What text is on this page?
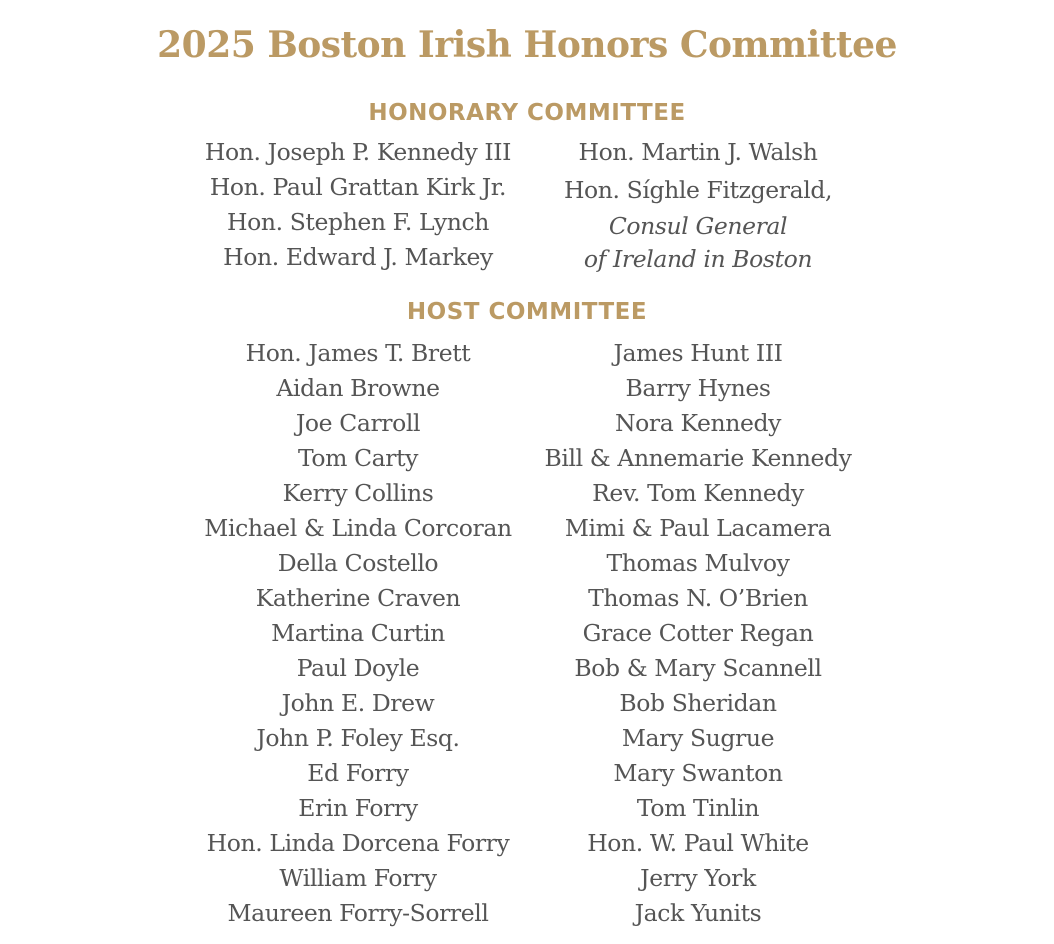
2025 Boston Irish Honors Committee
HONORARY COMMITTEE
Hon. Joseph P. Kennedy III
Hon. Paul Grattan Kirk Jr.
Hon. Stephen F. Lynch
Hon. Edward J. Markey
Hon. Martin J. Walsh
Hon. Síghle Fitzgerald,
Consul General
of Ireland in Boston
HOST COMMITTEE
Hon. James T. Brett
Aidan Browne
Joe Carroll
Tom Carty
Kerry Collins
Michael & Linda Corcoran
Della Costello
Katherine Craven
Martina Curtin
Paul Doyle
John E. Drew
John P. Foley Esq.
Ed Forry
Erin Forry
Hon. Linda Dorcena Forry
William Forry
Maureen Forry-Sorrell
James Hunt III
Barry Hynes
Nora Kennedy
Bill & Annemarie Kennedy
Rev. Tom Kennedy
Mimi & Paul Lacamera
Thomas Mulvoy
Thomas N. O’Brien
Grace Cotter Regan
Bob & Mary Scannell
Bob Sheridan
Mary Sugrue
Mary Swanton
Tom Tinlin
Hon. W. Paul White
Jerry York
Jack Yunits
